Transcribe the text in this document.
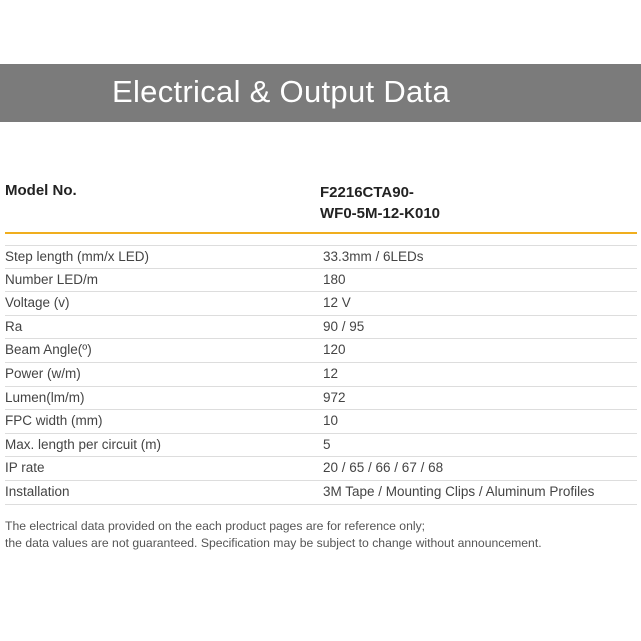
Electrical & Output Data
Model No.	F2216CTA90-
WF0-5M-12-K010
Step length (mm/x LED)	33.3mm / 6LEDs
Number LED/m	180
Voltage (v)	12 V
Ra	90 / 95
Beam Angle(º)	120
Power (w/m)	12
Lumen(lm/m)	972
FPC width (mm)	10
Max. length per circuit (m)	5
IP rate	20 / 65 / 66 / 67 / 68
Installation	3M Tape / Mounting Clips / Aluminum Profiles
The electrical data provided on the each product pages are for reference only;
the data values are not guaranteed. Specification may be subject to change without announcement.
